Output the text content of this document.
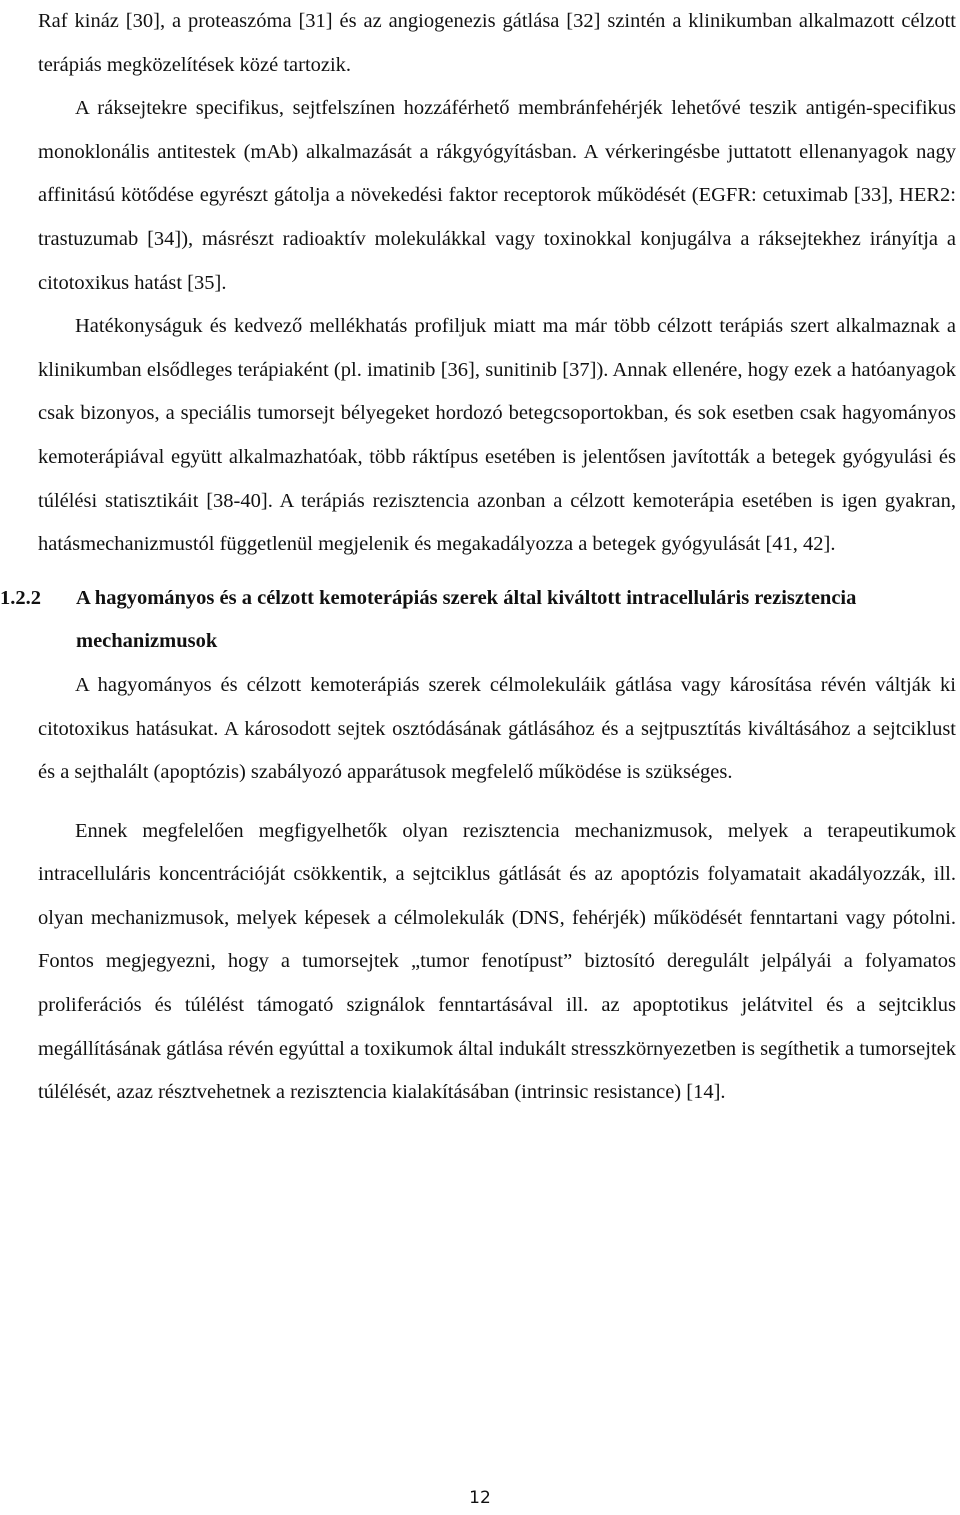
Raf kináz [30], a proteaszóma [31] és az angiogenezis gátlása [32] szintén a klinikumban alkalmazott célzott terápiás megközelítések közé tartozik.

A ráksejtekre specifikus, sejtfelszínen hozzáférhető membránfehérjék lehetővé teszik antigén-specifikus monoklonális antitestek (mAb) alkalmazását a rákgyógyításban. A vérkeringésbe juttatott ellenanyagok nagy affinitású kötődése egyrészt gátolja a növekedési faktor receptorok működését (EGFR: cetuximab [33], HER2: trastuzumab [34]), másrészt radioaktív molekulákkal vagy toxinokkal konjugálva a ráksejtekhez irányítja a citotoxikus hatást [35].

Hatékonyságuk és kedvező mellékhatás profiljuk miatt ma már több célzott terápiás szert alkalmaznak a klinikumban elsődleges terápiaként (pl. imatinib [36], sunitinib [37]). Annak ellenére, hogy ezek a hatóanyagok csak bizonyos, a speciális tumorsejt bélyegeket hordozó betegcsoportokban, és sok esetben csak hagyományos kemoterápiával együtt alkalmazhatóak, több ráktípus esetében is jelentősen javították a betegek gyógyulási és túlélési statisztikáit [38-40]. A terápiás rezisztencia azonban a célzott kemoterápia esetében is igen gyakran, hatásmechanizmustól függetlenül megjelenik és megakadályozza a betegek gyógyulását [41, 42].

1.2.2	A hagyományos és a célzott kemoterápiás szerek által kiváltott intracelluláris rezisztencia mechanizmusok

A hagyományos és célzott kemoterápiás szerek célmolekuláik gátlása vagy károsítása révén váltják ki citotoxikus hatásukat. A károsodott sejtek osztódásának gátlásához és a sejtpusztítás kiváltásához a sejtciklust és a sejthalált (apoptózis) szabályozó apparátusok megfelelő működése is szükséges.

Ennek megfelelően megfigyelhetők olyan rezisztencia mechanizmusok, melyek a terapeutikumok intracelluláris koncentrációját csökkentik, a sejtciklus gátlását és az apoptózis folyamatait akadályozzák, ill. olyan mechanizmusok, melyek képesek a célmolekulák (DNS, fehérjék) működését fenntartani vagy pótolni. Fontos megjegyezni, hogy a tumorsejtek „tumor fenotípust” biztosító deregulált jelpályái a folyamatos proliferációs és túlélést támogató szignálok fenntartásával ill. az apoptotikus jelátvitel és a sejtciklus megállításának gátlása révén egyúttal a toxikumok által indukált stresszkörnyezetben is segíthetik a tumorsejtek túlélését, azaz résztvehetnek a rezisztencia kialakításában (intrinsic resistance) [14].

12
